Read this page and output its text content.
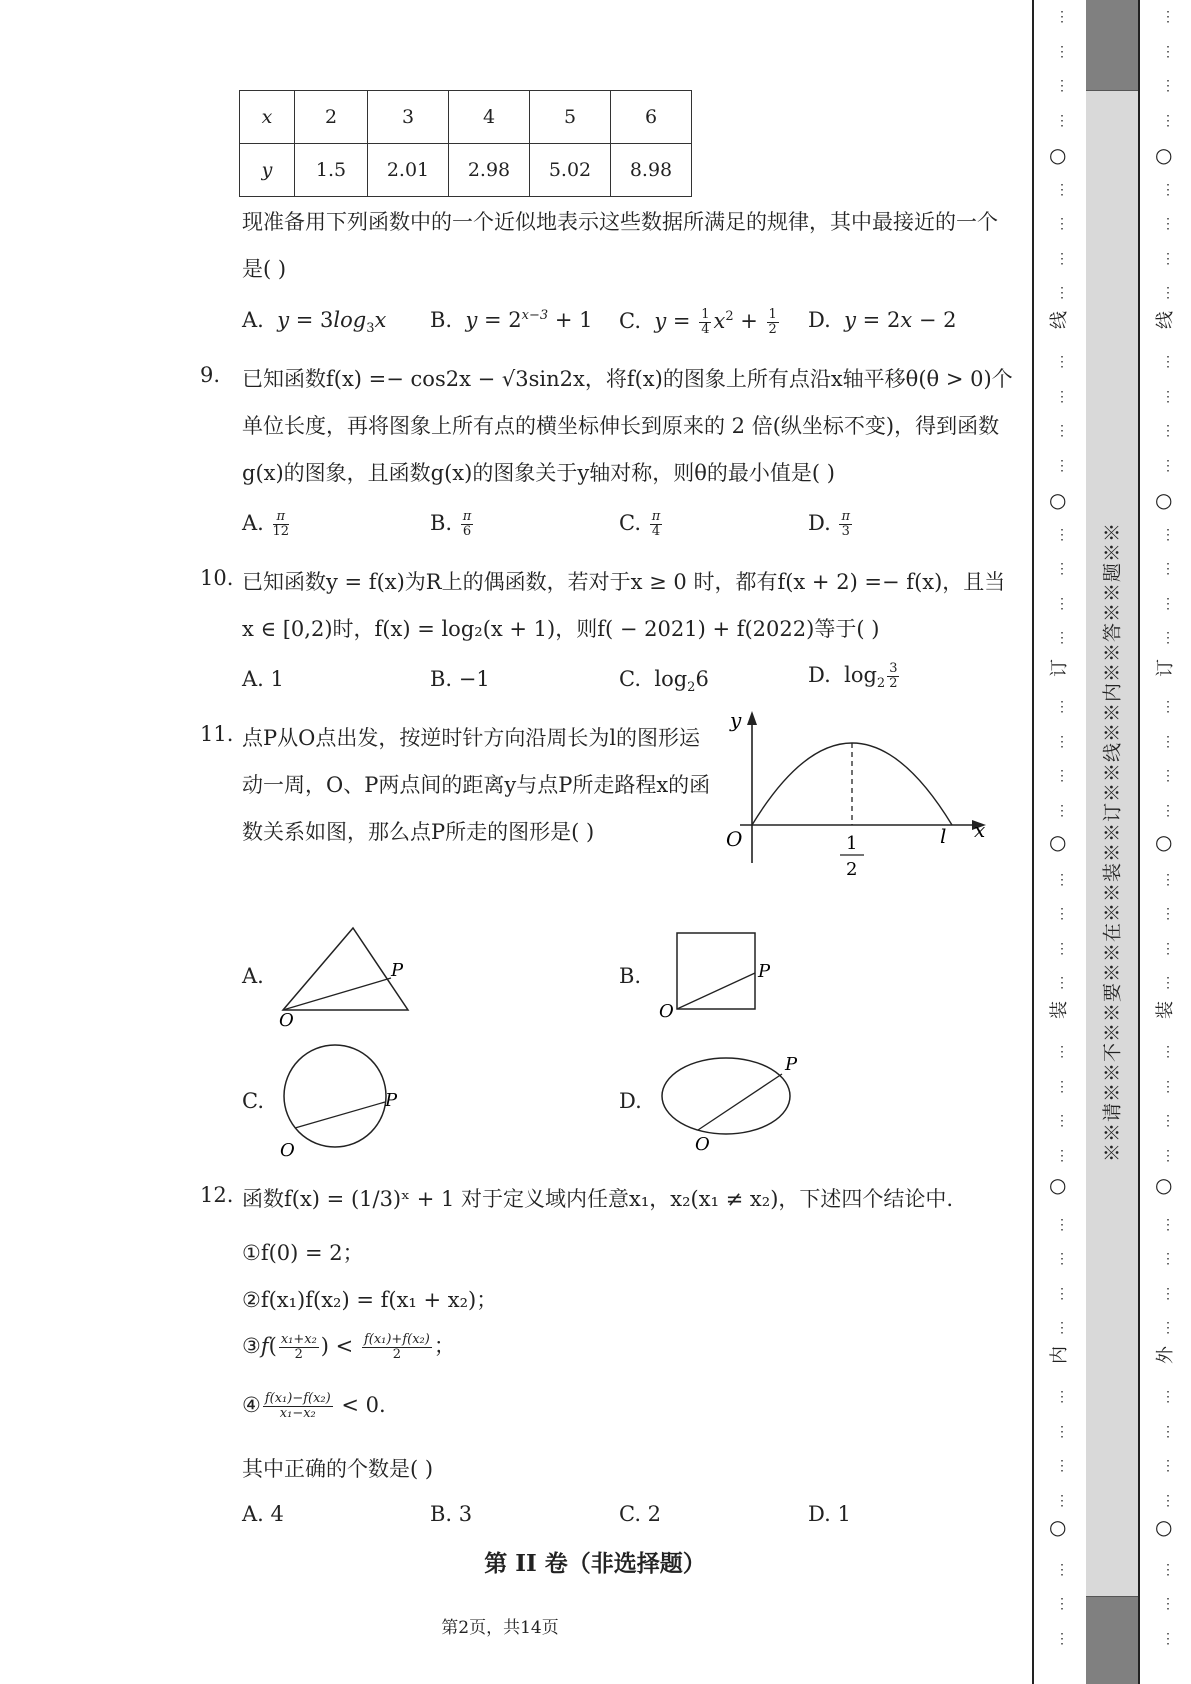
x	2	3	4	5	6
y	1.5	2.01	2.98	5.02	8.98
现准备用下列函数中的一个近似地表示这些数据所满足的规律，其中最接近的一个
是( )
A.  $y = 3\log_3x$ B.  $y = 2^{x-3} + 1$ C.  $y = \frac{1}{4} x^2 + \frac{1}{2} D$.  y = 2x − 2
9. 已知函数f(x) =− cos2x − √3sin2x，将f(x)的图象上所有点沿x轴平移θ(θ > 0)个
单位长度，再将图象上所有点的横坐标伸长到原来的 2 倍(纵坐标不变)，得到函数
g(x)的图象，且函数g(x)的图象关于y轴对称，则θ的最小值是( )
A. $\frac{\pi}{12}$	B. $\frac{\pi}{6}$	C. $\frac{\pi}{4}$	D. $\frac{\pi}{3}$
10. 已知函数y = f(x)为R上的偶函数，若对于x ≥ 0 时，都有f(x + 2) =− f(x)，且当
x ∈ [0,2)时，f(x) = log₂(x + 1)，则f( − 2021) + f(2022)等于( )
A. 1	B. −1	C.  $\log_26$	D.  $\log_2 \frac{3}{2}$
11. 点P从O点出发，按逆时针方向沿周长为l的图形运
动一周，O、P两点间的距离y与点P所走路程x的函
数关系如图，那么点P所走的图形是( )
y
x
O	l
1
2
A.
O
P	B.
O
P
C.
O
P	D.
O
P
12. 函数f(x) = (1/3)ˣ + 1 对于定义域内任意x₁，x₂(x₁ ≠ x₂)，下述四个结论中.
①f(0) = 2；
②f(x₁)f(x₂) = f(x₁ + x₂)；
③f( $\frac{\text{x₁+x₂}}{2}$ ) < $\frac{\text{f(x₁)+f(x₂)}}{2}$ ；
④ $\frac{\text{f(x₁)−f(x₂)}}{\text{x₁−x₂}} < 0$.
其中正确的个数是( )
A. 4	B. 3	C. 2	D. 1
第 II 卷（非选择题）
第2页，共14页
※※请※※不※※要※※在※※装※※订※※线※※内※※答※※题※※
线
订
装
内
线
订
装
外
○
○
○
○
○
○
○
○
○
○
⋮
⋮
⋮
⋮
⋮
⋮
⋮
⋮
⋮
⋮
⋮
⋮
⋮
⋮
⋮
⋮
⋮
⋮
⋮
⋮
⋮
⋮
⋮
⋮
⋮
⋮
⋮
⋮
⋮
⋮
⋮
⋮
⋮
⋮
⋮
⋮
⋮
⋮
⋮
⋮
⋮
⋮
⋮
⋮
⋮
⋮
⋮
⋮
⋮
⋮
⋮
⋮
⋮
⋮
⋮
⋮
⋮
⋮
⋮
⋮
⋮
⋮
⋮
⋮
⋮
⋮
⋮
⋮
⋮
⋮
⋮
⋮
⋮
⋮
⋮
⋮
⋮
⋮
